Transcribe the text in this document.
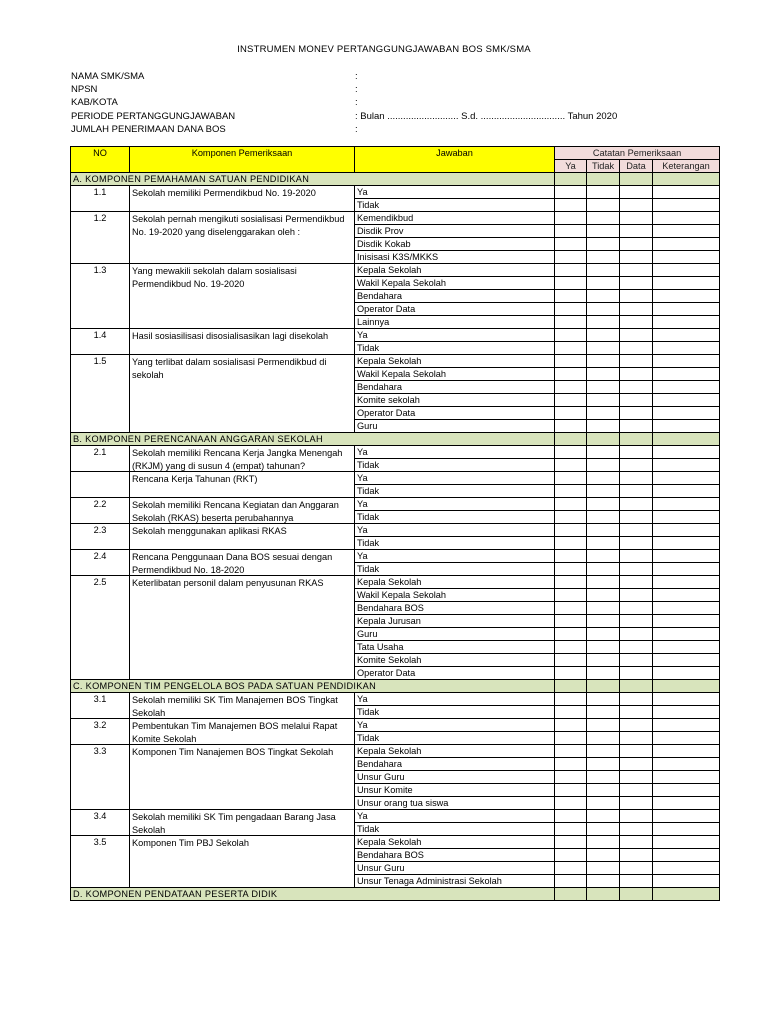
INSTRUMEN MONEV PERTANGGUNGJAWABAN BOS SMK/SMA
NAMA SMK/SMA	:
NPSN	:
KAB/KOTA	:
PERIODE PERTANGGUNGJAWABAN	: Bulan ........................... S.d. ................................ Tahun 2020
JUMLAH PENERIMAAN DANA BOS	:
NO	Komponen Pemeriksaan	Jawaban	Catatan Pemeriksaan			
			Ya	Tidak	Data	Keterangan
A. KOMPONEN PEMAHAMAN SATUAN PENDIDIKAN						
1.1	Sekolah memiliki Permendikbud No. 19-2020	Ya				
		Tidak				
1.2	Sekolah pernah mengikuti sosialisasi Permendikbud No. 19-2020 yang diselenggarakan oleh :	Kemendikbud				
		Disdik Prov				
		Disdik Kokab				
		Inisisasi K3S/MKKS				
1.3	Yang mewakili sekolah dalam sosialisasi Permendikbud No. 19-2020	Kepala Sekolah				
		Wakil Kepala Sekolah				
		Bendahara				
		Operator Data				
		Lainnya				
1.4	Hasil sosiasilisasi disosialisasikan lagi disekolah	Ya				
		Tidak				
1.5	Yang terlibat dalam sosialisasi Permendikbud di sekolah	Kepala Sekolah				
		Wakil Kepala Sekolah				
		Bendahara				
		Komite sekolah				
		Operator Data				
		Guru				
B. KOMPONEN PERENCANAAN ANGGARAN SEKOLAH						
2.1	Sekolah memiliki Rencana Kerja Jangka Menengah (RKJM) yang di susun 4 (empat) tahunan?	Ya				
		Tidak				

	Rencana Kerja Tahunan (RKT)	Ya				
		Tidak				
2.2	Sekolah memiliki Rencana Kegiatan dan Anggaran Sekolah (RKAS) beserta perubahannya	Ya				
		Tidak				
2.3	Sekolah menggunakan aplikasi RKAS	Ya				
		Tidak				
2.4	Rencana Penggunaan Dana BOS sesuai dengan Permendikbud No. 18-2020	Ya				
		Tidak				
2.5	Keterlibatan personil dalam penyusunan RKAS	Kepala Sekolah				
		Wakil Kepala Sekolah				
		Bendahara BOS				
		Kepala Jurusan				
		Guru				
		Tata Usaha				
		Komite Sekolah				
		Operator Data				
C. KOMPONEN TIM PENGELOLA BOS PADA SATUAN PENDIDIKAN						
3.1	Sekolah memiliki SK Tim Manajemen BOS Tingkat Sekolah	Ya				
		Tidak				
3.2	Pembentukan Tim Manajemen BOS melalui Rapat Komite Sekolah	Ya				
		Tidak				
3.3	Komponen Tim Nanajemen BOS Tingkat Sekolah	Kepala Sekolah				
		Bendahara				
		Unsur Guru				
		Unsur Komite				
		Unsur orang tua siswa				
3.4	Sekolah memiliki SK Tim pengadaan Barang Jasa Sekolah	Ya				
		Tidak				
3.5	Komponen Tim PBJ Sekolah	Kepala Sekolah				
		Bendahara BOS				
		Unsur Guru				
		Unsur Tenaga Administrasi Sekolah				
D. KOMPONEN PENDATAAN PESERTA DIDIK						
